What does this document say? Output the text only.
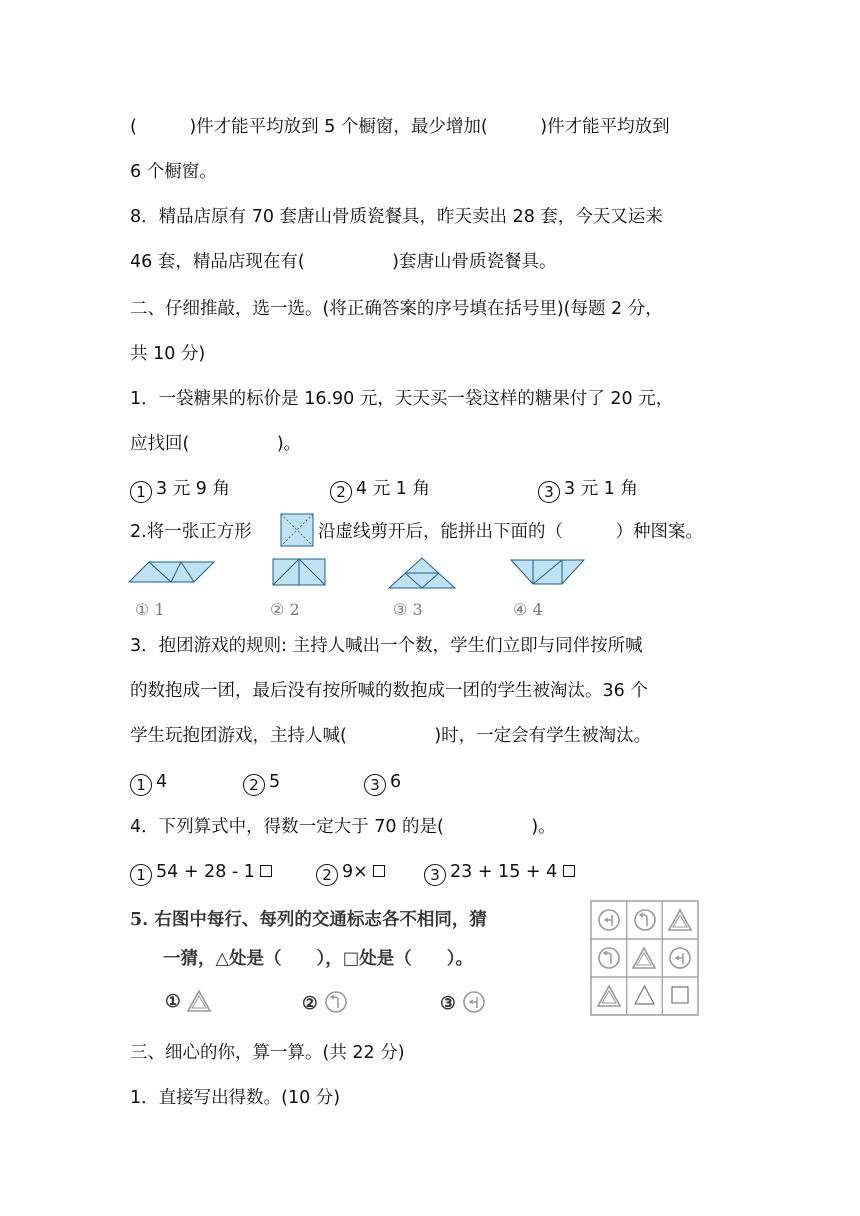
(　　　)件才能平均放到 5 个橱窗，最少增加(　　　)件才能平均放到
6 个橱窗。
8．精品店原有 70 套唐山骨质瓷餐具，昨天卖出 28 套，今天又运来
46 套，精品店现在有(　　　　　)套唐山骨质瓷餐具。
二、仔细推敲，选一选。(将正确答案的序号填在括号里)(每题 2 分，
共 10 分)
1．一袋糖果的标价是 16.90 元，天天买一袋这样的糖果付了 20 元，
应找回(　　　　　)。
1 3 元 9 角	2 4 元 1 角	3 3 元 1 角
2.将一张正方形	沿虚线剪开后，能拼出下面的（　　　）种图案。
① 1	② 2	③ 3	④ 4
3．抱团游戏的规则: 主持人喊出一个数，学生们立即与同伴按所喊
的数抱成一团，最后没有按所喊的数抱成一团的学生被淘汰。36 个
学生玩抱团游戏，主持人喊(　　　　　)时，一定会有学生被淘汰。
1 4	2 5	3 6
4．下列算式中，得数一定大于 70 的是(　　　　　)。
1 54 + 28 - 1	2 9×	3 23 + 15 + 4
5. 右图中每行、每列的交通标志各不相同，猜
一猜，△处是（　　），□处是（　　）。
①	②	③
三、细心的你，算一算。(共 22 分)
1．直接写出得数。(10 分)
